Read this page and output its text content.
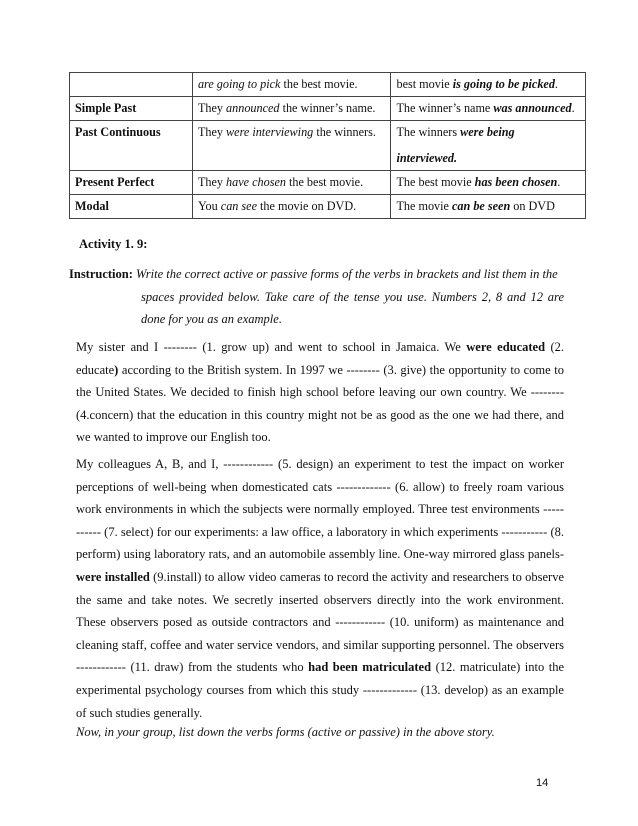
	are going to pick the best movie.	best movie is going to be picked.
Simple Past	They announced the winner’s name.	The winner’s name was announced.
Past Continuous	They were interviewing the winners.	The winners were being
interviewed.

Present Perfect	They have chosen the best movie.	The best movie has been chosen.
Modal	You can see the movie on DVD.	The movie can be seen on DVD
Activity 1. 9:
Instruction: Write the correct active or passive forms of the verbs in brackets and list them in the
spaces provided below. Take care of the tense you use. Numbers 2, 8 and 12 are done for you as an example.

My sister and I -------- (1. grow up) and went to school in Jamaica. We were educated (2. educate) according to the British system. In 1997 we -------- (3. give) the opportunity to come to the United States. We decided to finish high school before leaving our own country. We -------- (4.concern) that the education in this country might not be as good as the one we had there, and we wanted to improve our English too.

My colleagues A, B, and I, ------------ (5. design) an experiment to test the impact on worker perceptions of well-being when domesticated cats ------------- (6. allow) to freely roam various work environments in which the subjects were normally employed. Three test environments ----------- (7. select) for our experiments: a law office, a laboratory in which experiments ----------- (8. perform) using laboratory rats, and an automobile assembly line. One-way mirrored glass panels- were installed (9.install) to allow video cameras to record the activity and researchers to observe the same and take notes. We secretly inserted observers directly into the work environment. These observers posed as outside contractors and ------------ (10. uniform) as maintenance and cleaning staff, coffee and water service vendors, and similar supporting personnel. The observers ------------ (11. draw) from the students who had been matriculated (12. matriculate) into the experimental psychology courses from which this study ------------- (13. develop) as an example of such studies generally.

Now, in your group, list down the verbs forms (active or passive) in the above story.

14
